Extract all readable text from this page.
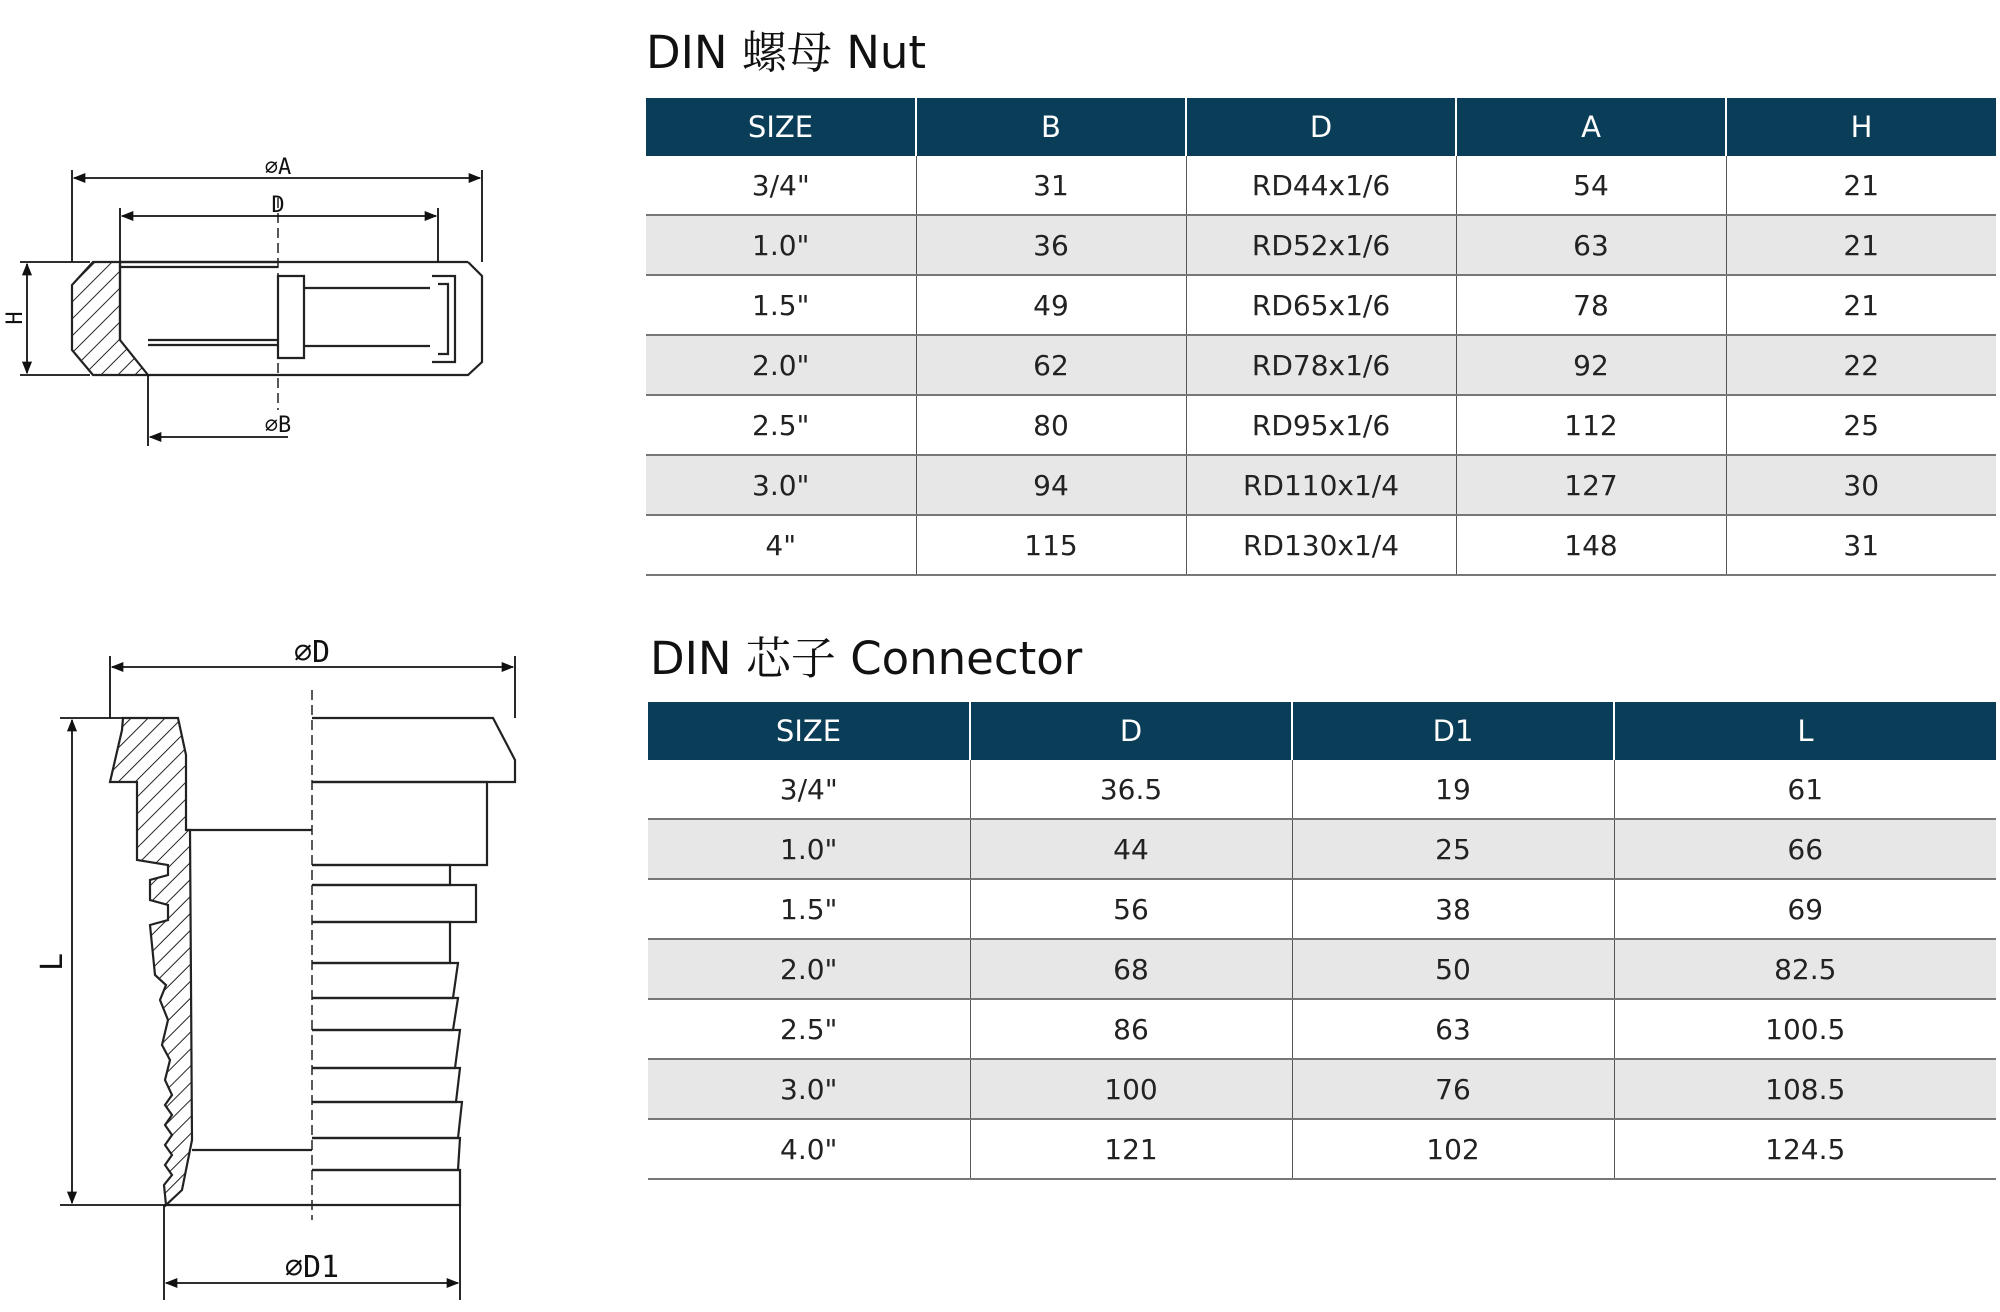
⌀A
D
H
⌀B
⌀D
L
⌀D1
DIN 螺母 Nut
SIZE	B	D	A	H
3/4"	31	RD44x1/6	54	21
1.0"	36	RD52x1/6	63	21
1.5"	49	RD65x1/6	78	21
2.0"	62	RD78x1/6	92	22
2.5"	80	RD95x1/6	112	25
3.0"	94	RD110x1/4	127	30
4"	115	RD130x1/4	148	31
DIN 芯子 Connector
SIZE	D	D1	L
3/4"	36.5	19	61
1.0"	44	25	66
1.5"	56	38	69
2.0"	68	50	82.5
2.5"	86	63	100.5
3.0"	100	76	108.5
4.0"	121	102	124.5
